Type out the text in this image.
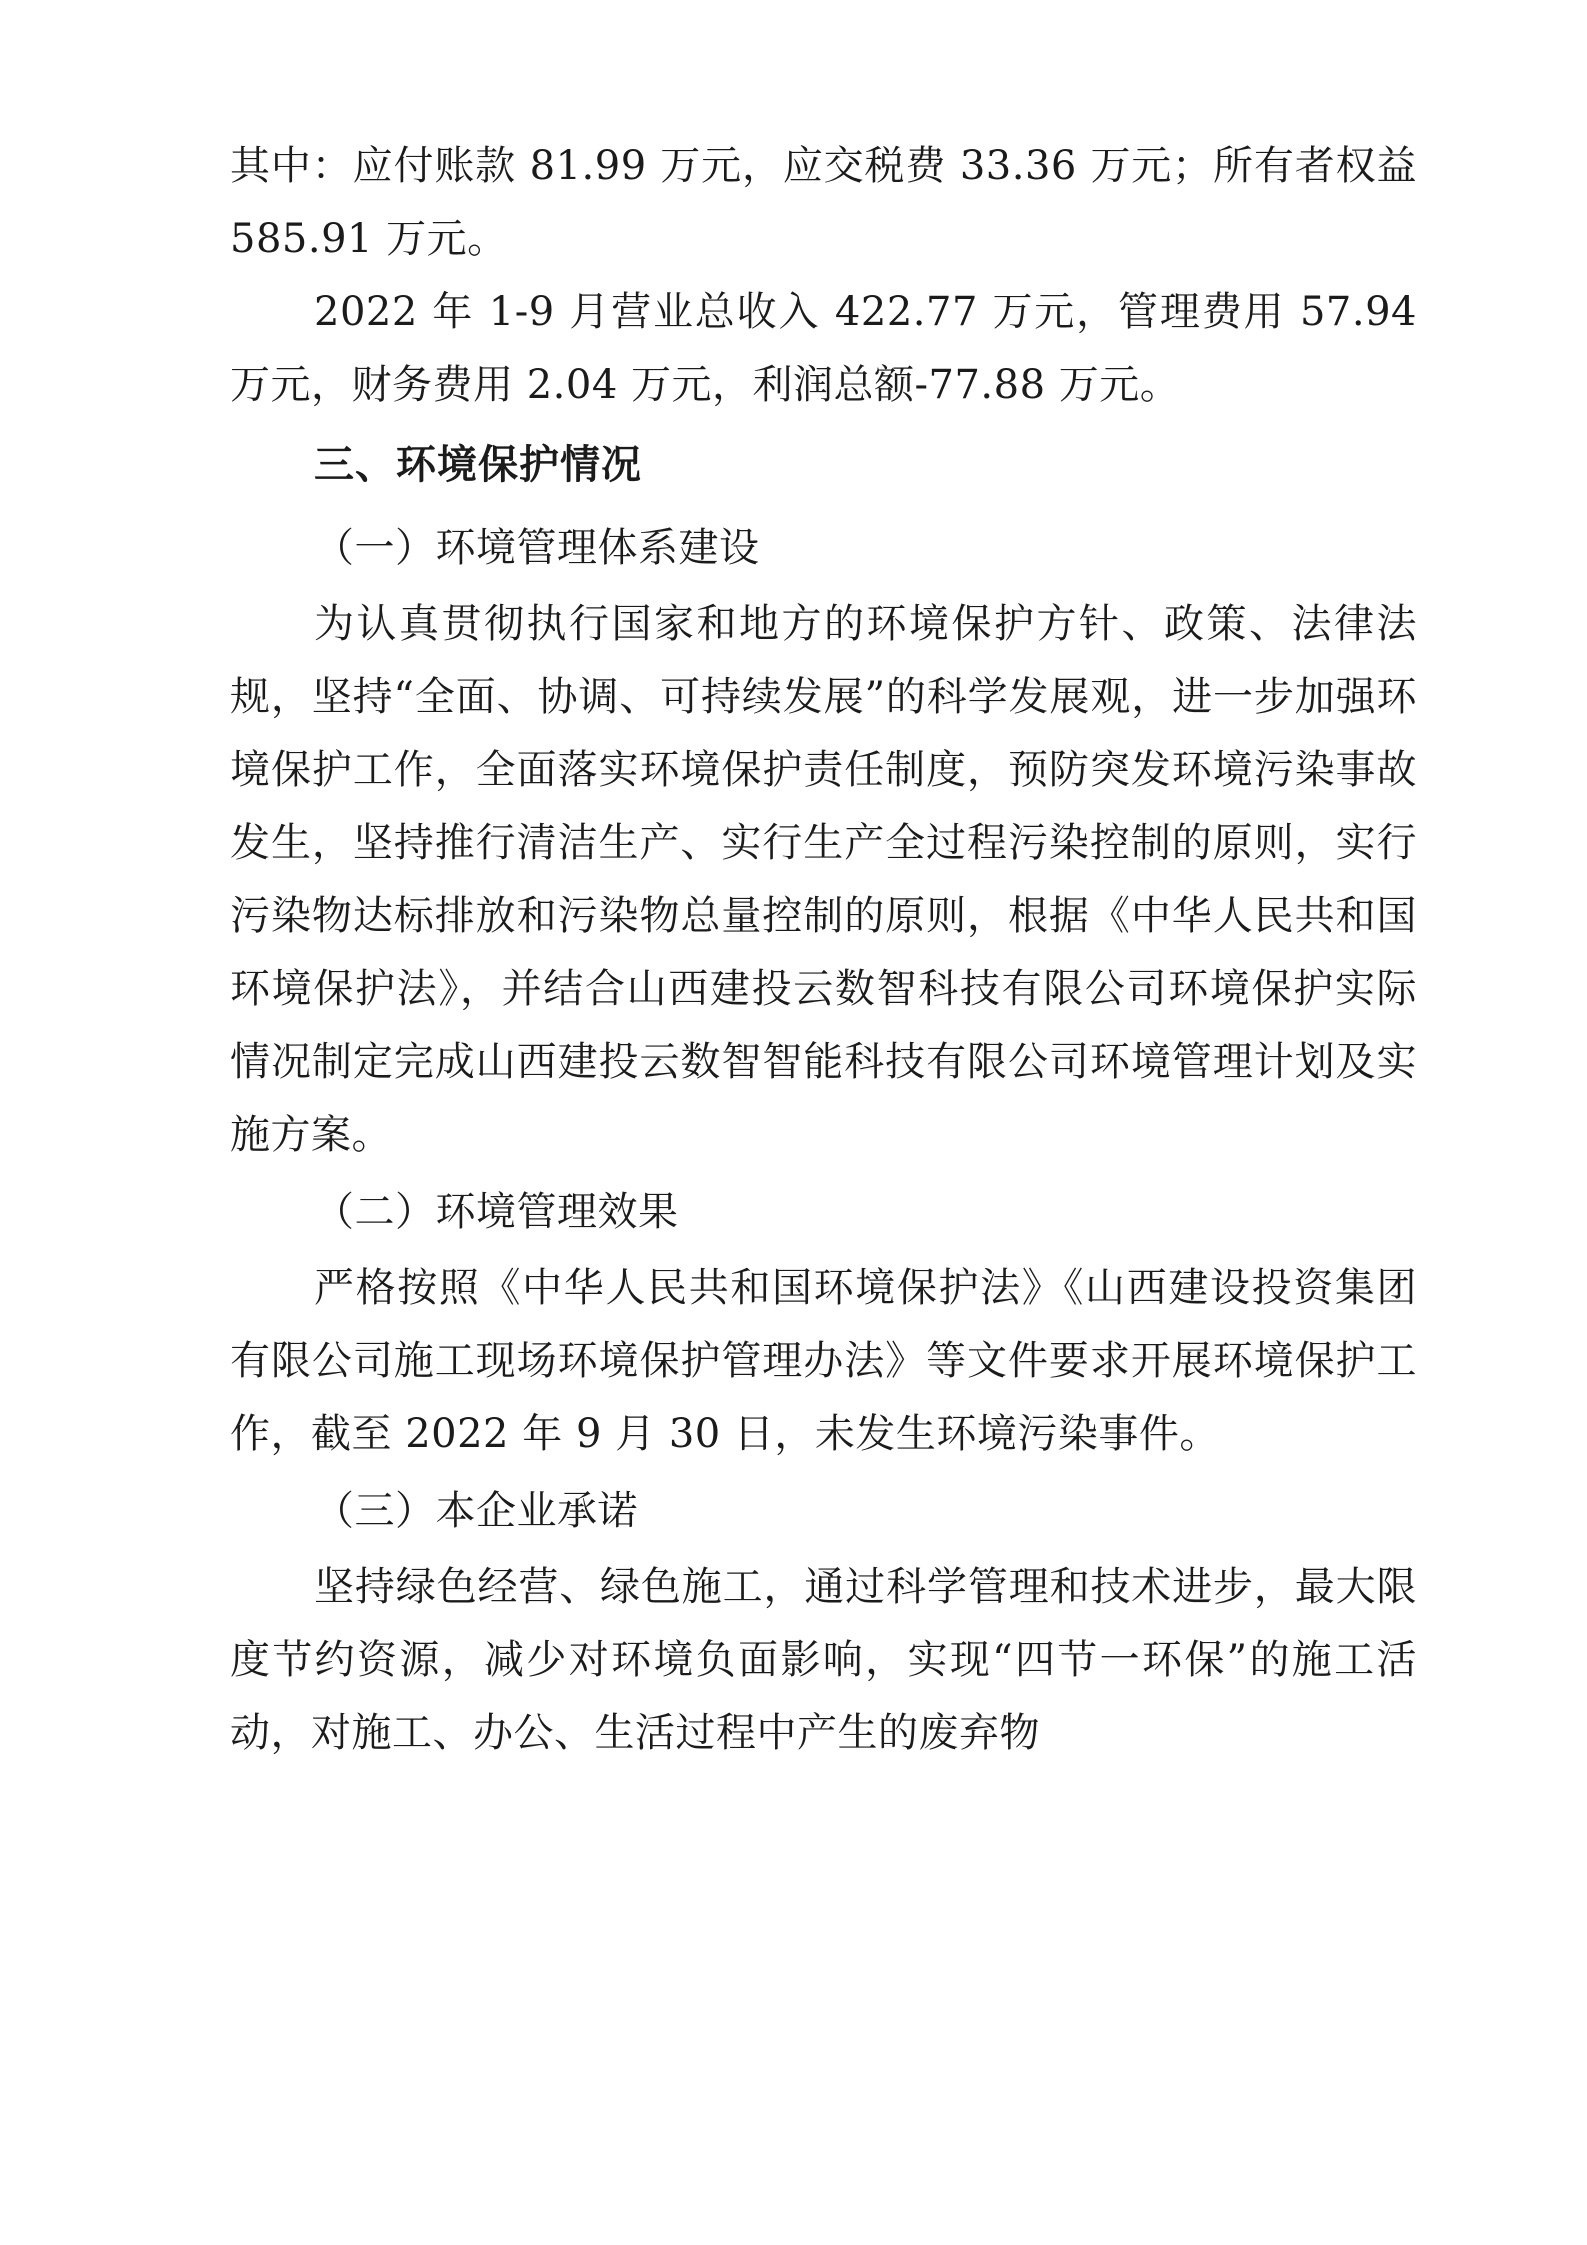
其中：应付账款 81.99 万元，应交税费 33.36 万元；所有者权益 585.91 万元。

2022 年 1-9 月营业总收入 422.77 万元，管理费用 57.94 万元，财务费用 2.04 万元，利润总额-77.88 万元。

三、环境保护情况

（一）环境管理体系建设

为认真贯彻执行国家和地方的环境保护方针、政策、法律法规，坚持“全面、协调、可持续发展”的科学发展观，进一步加强环境保护工作，全面落实环境保护责任制度，预防突发环境污染事故发生，坚持推行清洁生产、实行生产全过程污染控制的原则，实行污染物达标排放和污染物总量控制的原则，根据《中华人民共和国环境保护法》，并结合山西建投云数智科技有限公司环境保护实际情况制定完成山西建投云数智智能科技有限公司环境管理计划及实施方案。

（二）环境管理效果

严格按照《中华人民共和国环境保护法》《山西建设投资集团有限公司施工现场环境保护管理办法》等文件要求开展环境保护工作，截至 2022 年 9 月 30 日，未发生环境污染事件。

（三）本企业承诺

坚持绿色经营、绿色施工，通过科学管理和技术进步，最大限度节约资源，减少对环境负面影响，实现“四节一环保”的施工活动，对施工、办公、生活过程中产生的废弃物
